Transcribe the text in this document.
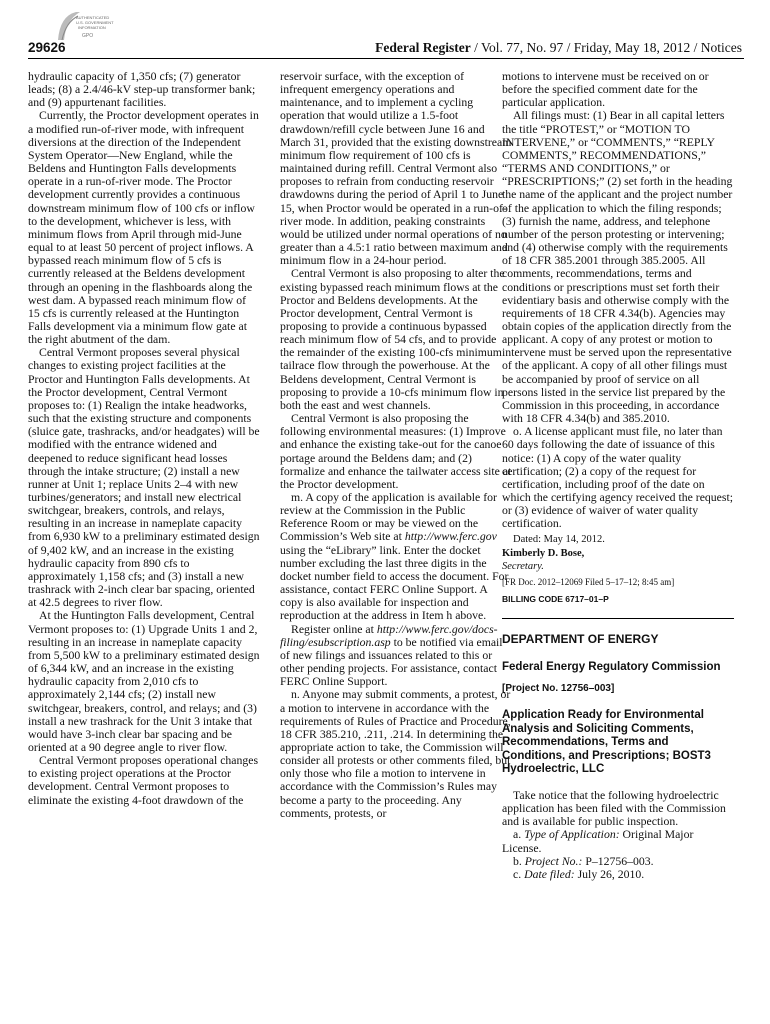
AUTHENTICATED
U.S. GOVERNMENT
INFORMATION
GPO
29626	Federal Register / Vol. 77, No. 97 / Friday, May 18, 2012 / Notices

hydraulic capacity of 1,350 cfs; (7) generator leads; (8) a 2.4/46-kV step-up transformer bank; and (9) appurtenant facilities.

Currently, the Proctor development operates in a modified run-of-river mode, with infrequent diversions at the direction of the Independent System Operator—New England, while the Beldens and Huntington Falls developments operate in a run-of-river mode. The Proctor development currently provides a continuous downstream minimum flow of 100 cfs or inflow to the development, whichever is less, with minimum flows from April through mid-June equal to at least 50 percent of project inflows. A bypassed reach minimum flow of 5 cfs is currently released at the Beldens development through an opening in the flashboards along the west dam. A bypassed reach minimum flow of 15 cfs is currently released at the Huntington Falls development via a minimum flow gate at the right abutment of the dam.

Central Vermont proposes several physical changes to existing project facilities at the Proctor and Huntington Falls developments. At the Proctor development, Central Vermont proposes to: (1) Realign the intake headworks, such that the existing structure and components (sluice gate, trashracks, and/or headgates) will be modified with the entrance widened and deepened to reduce significant head losses through the intake structure; (2) install a new runner at Unit 1; replace Units 2–4 with new turbines/generators; and install new electrical switchgear, breakers, controls, and relays, resulting in an increase in nameplate capacity from 6,930 kW to a preliminary estimated design of 9,402 kW, and an increase in the existing hydraulic capacity from 890 cfs to approximately 1,158 cfs; and (3) install a new trashrack with 2-inch clear bar spacing, oriented at 42.5 degrees to river flow.

At the Huntington Falls development, Central Vermont proposes to: (1) Upgrade Units 1 and 2, resulting in an increase in nameplate capacity from 5,500 kW to a preliminary estimated design of 6,344 kW, and an increase in the existing hydraulic capacity from 2,010 cfs to approximately 2,144 cfs; (2) install new switchgear, breakers, control, and relays; and (3) install a new trashrack for the Unit 3 intake that would have 3-inch clear bar spacing and be oriented at a 90 degree angle to river flow.

Central Vermont proposes operational changes to existing project operations at the Proctor development. Central Vermont proposes to eliminate the existing 4-foot drawdown of the

reservoir surface, with the exception of infrequent emergency operations and maintenance, and to implement a cycling operation that would utilize a 1.5-foot drawdown/refill cycle between June 16 and March 31, provided that the existing downstream minimum flow requirement of 100 cfs is maintained during refill. Central Vermont also proposes to refrain from conducting reservoir drawdowns during the period of April 1 to June 15, when Proctor would be operated in a run-of-river mode. In addition, peaking constraints would be utilized under normal operations of no greater than a 4.5:1 ratio between maximum and minimum flow in a 24-hour period.

Central Vermont is also proposing to alter the existing bypassed reach minimum flows at the Proctor and Beldens developments. At the Proctor development, Central Vermont is proposing to provide a continuous bypassed reach minimum flow of 54 cfs, and to provide the remainder of the existing 100-cfs minimum tailrace flow through the powerhouse. At the Beldens development, Central Vermont is proposing to provide a 10-cfs minimum flow in both the east and west channels.

Central Vermont is also proposing the following environmental measures: (1) Improve and enhance the existing take-out for the canoe portage around the Beldens dam; and (2) formalize and enhance the tailwater access site at the Proctor development.

m. A copy of the application is available for review at the Commission in the Public Reference Room or may be viewed on the Commission’s Web site at http://www.ferc.gov using the “eLibrary” link. Enter the docket number excluding the last three digits in the docket number field to access the document. For assistance, contact FERC Online Support. A copy is also available for inspection and reproduction at the address in Item h above.

Register online at http://www.ferc.gov/docs-filing/esubscription.asp to be notified via email of new filings and issuances related to this or other pending projects. For assistance, contact FERC Online Support.

n. Anyone may submit comments, a protest, or a motion to intervene in accordance with the requirements of Rules of Practice and Procedure, 18 CFR 385.210, .211, .214. In determining the appropriate action to take, the Commission will consider all protests or other comments filed, but only those who file a motion to intervene in accordance with the Commission’s Rules may become a party to the proceeding. Any comments, protests, or

motions to intervene must be received on or before the specified comment date for the particular application.

All filings must: (1) Bear in all capital letters the title “PROTEST,” or “MOTION TO INTERVENE,” or “COMMENTS,” “REPLY COMMENTS,” RECOMMENDATIONS,” “TERMS AND CONDITIONS,” or “PRESCRIPTIONS;” (2) set forth in the heading the name of the applicant and the project number of the application to which the filing responds; (3) furnish the name, address, and telephone number of the person protesting or intervening; and (4) otherwise comply with the requirements of 18 CFR 385.2001 through 385.2005. All comments, recommendations, terms and conditions or prescriptions must set forth their evidentiary basis and otherwise comply with the requirements of 18 CFR 4.34(b). Agencies may obtain copies of the application directly from the applicant. A copy of any protest or motion to intervene must be served upon the representative of the applicant. A copy of all other filings must be accompanied by proof of service on all persons listed in the service list prepared by the Commission in this proceeding, in accordance with 18 CFR 4.34(b) and 385.2010.

o. A license applicant must file, no later than 60 days following the date of issuance of this notice: (1) A copy of the water quality certification; (2) a copy of the request for certification, including proof of the date on which the certifying agency received the request; or (3) evidence of waiver of water quality certification.

Dated: May 14, 2012.

Kimberly D. Bose,

Secretary.

[FR Doc. 2012–12069 Filed 5–17–12; 8:45 am]

BILLING CODE 6717–01–P

DEPARTMENT OF ENERGY

Federal Energy Regulatory Commission

[Project No. 12756–003]

Application Ready for Environmental Analysis and Soliciting Comments, Recommendations, Terms and Conditions, and Prescriptions; BOST3 Hydroelectric, LLC

Take notice that the following hydroelectric application has been filed with the Commission and is available for public inspection.

a. Type of Application: Original Major License.

b. Project No.: P–12756–003.

c. Date filed: July 26, 2010.
